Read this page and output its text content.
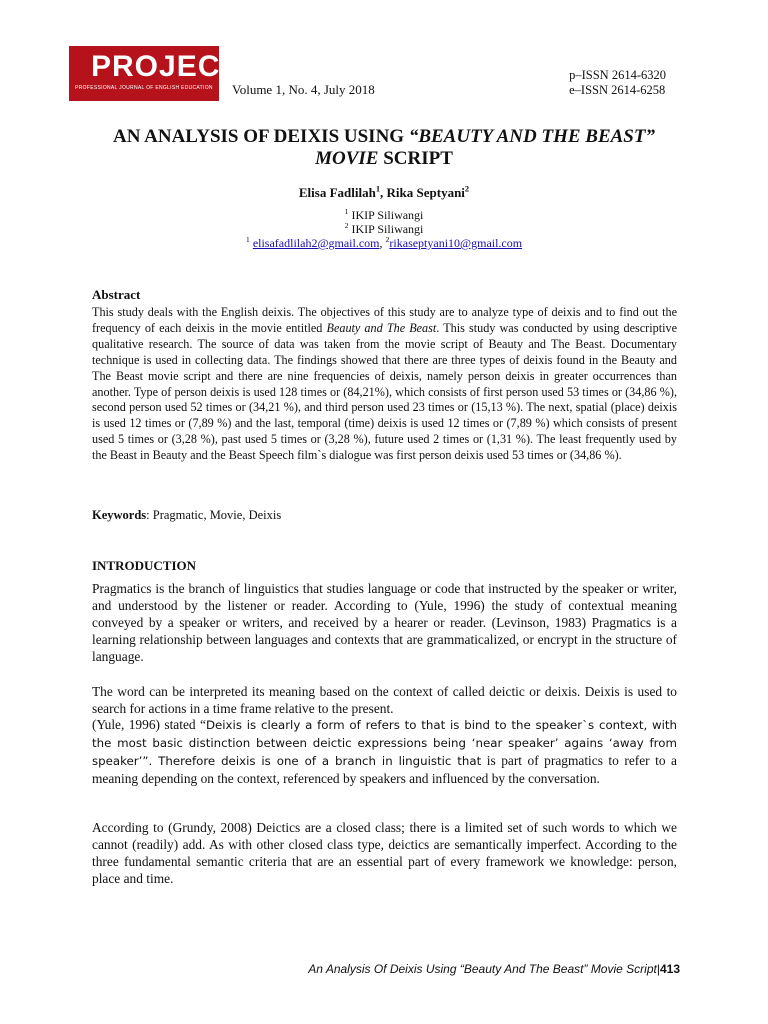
PROJECT
PROFESSIONAL JOURNAL OF ENGLISH EDUCATION	Volume 1, No. 4, July 2018
p–ISSN 2614-6320
e–ISSN 2614-6258
AN ANALYSIS OF DEIXIS USING “BEAUTY AND THE BEAST” MOVIE SCRIPT
Elisa Fadlilah$^1$, Rika Septyani$^2$
$^1$ IKIP Siliwangi
$^2$ IKIP Siliwangi
$^1$ elisafadlilah2@gmail.com, $^2$rikaseptyani10@gmail.com
Abstract
This study deals with the English deixis. The objectives of this study are to analyze type of deixis and to find out the frequency of each deixis in the movie entitled Beauty and The Beast. This study was conducted by using descriptive qualitative research. The source of data was taken from the movie script of Beauty and The Beast. Documentary technique is used in collecting data. The findings showed that there are three types of deixis found in the Beauty and The Beast movie script and there are nine frequencies of deixis, namely person deixis in greater occurrences than another. Type of person deixis is used 128 times or (84,21%), which consists of first person used 53 times or (34,86 %), second person used 52 times or (34,21 %), and third person used 23 times or (15,13 %). The next, spatial (place) deixis is used 12 times or (7,89 %) and the last, temporal (time) deixis is used 12 times or (7,89 %) which consists of present used 5 times or (3,28 %), past used 5 times or (3,28 %), future used 2 times or (1,31 %). The least frequently used by the Beast in Beauty and the Beast Speech film`s dialogue was first person deixis used 53 times or (34,86 %).
Keywords: Pragmatic, Movie, Deixis
INTRODUCTION
Pragmatics is the branch of linguistics that studies language or code that instructed by the speaker or writer, and understood by the listener or reader. According to (Yule, 1996) the study of contextual meaning conveyed by a speaker or writers, and received by a hearer or reader. (Levinson, 1983) Pragmatics is a learning relationship between languages and contexts that are grammaticalized, or encrypt in the structure of language.
The word can be interpreted its meaning based on the context of called deictic or deixis. Deixis is used to search for actions in a time frame relative to the present.
(Yule, 1996) stated “Deixis is clearly a form of refers to that is bind to the speaker`s context, with the most basic distinction between deictic expressions being ‘near speaker’ agains ‘away from speaker’”. Therefore deixis is one of a branch in linguistic that is part of pragmatics to refer to a meaning depending on the context, referenced by speakers and influenced by the conversation.
According to (Grundy, 2008) Deictics are a closed class; there is a limited set of such words to which we cannot (readily) add. As with other closed class type, deictics are semantically imperfect. According to the three fundamental semantic criteria that are an essential part of every framework we knowledge: person, place and time.
An Analysis Of Deixis Using “Beauty And The Beast” Movie Script|413
